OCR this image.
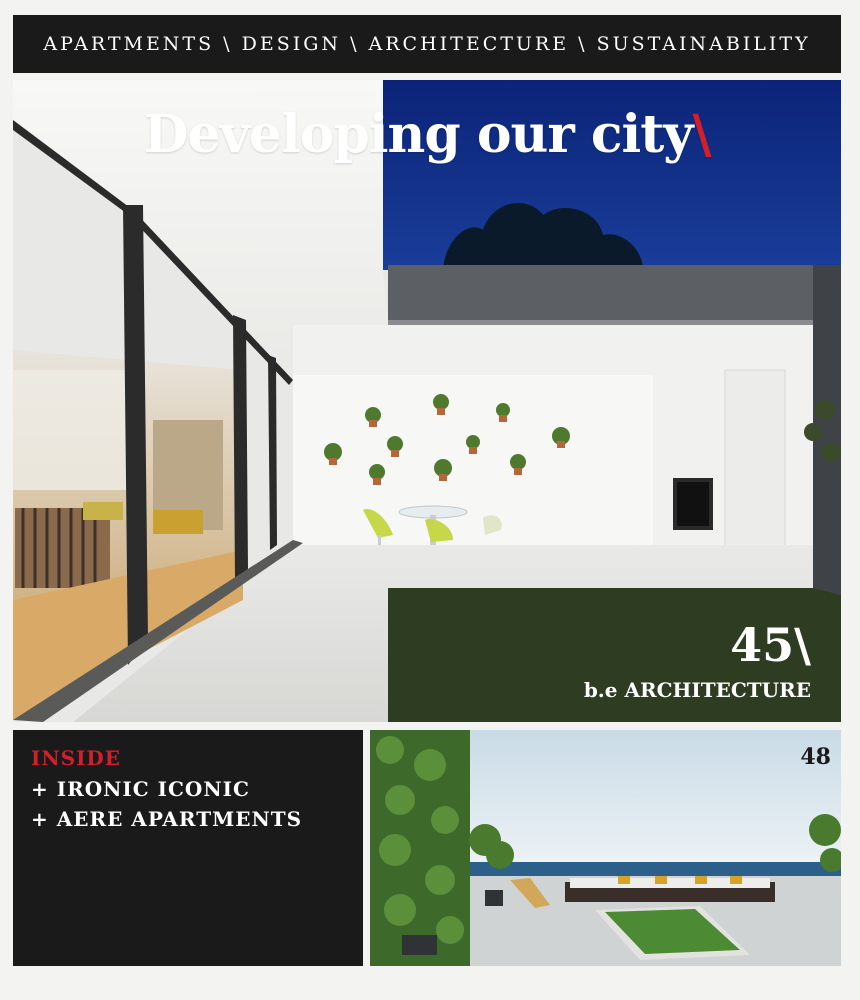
APARTMENTS \ DESIGN \ ARCHITECTURE \ SUSTAINABILITY
Developing our city\
45\
b.e ARCHITECTURE
INSIDE
+ IRONIC ICONIC
+ AERE APARTMENTS
48
